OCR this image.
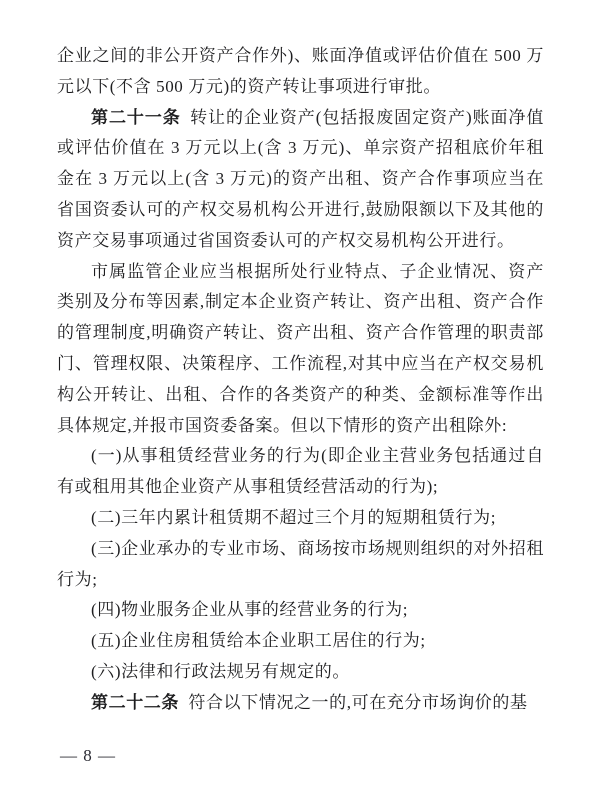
企业之间的非公开资产合作外)、账面净值或评估价值在 500 万元以下(不含 500 万元)的资产转让事项进行审批。

第二十一条 转让的企业资产(包括报废固定资产)账面净值或评估价值在 3 万元以上(含 3 万元)、单宗资产招租底价年租金在 3 万元以上(含 3 万元)的资产出租、资产合作事项应当在省国资委认可的产权交易机构公开进行,鼓励限额以下及其他的资产交易事项通过省国资委认可的产权交易机构公开进行。

市属监管企业应当根据所处行业特点、子企业情况、资产类别及分布等因素,制定本企业资产转让、资产出租、资产合作的管理制度,明确资产转让、资产出租、资产合作管理的职责部门、管理权限、决策程序、工作流程,对其中应当在产权交易机构公开转让、出租、合作的各类资产的种类、金额标准等作出具体规定,并报市国资委备案。但以下情形的资产出租除外:

(一)从事租赁经营业务的行为(即企业主营业务包括通过自有或租用其他企业资产从事租赁经营活动的行为);

(二)三年内累计租赁期不超过三个月的短期租赁行为;

(三)企业承办的专业市场、商场按市场规则组织的对外招租行为;

(四)物业服务企业从事的经营业务的行为;

(五)企业住房租赁给本企业职工居住的行为;

(六)法律和行政法规另有规定的。

第二十二条 符合以下情况之一的,可在充分市场询价的基

— 8 —
